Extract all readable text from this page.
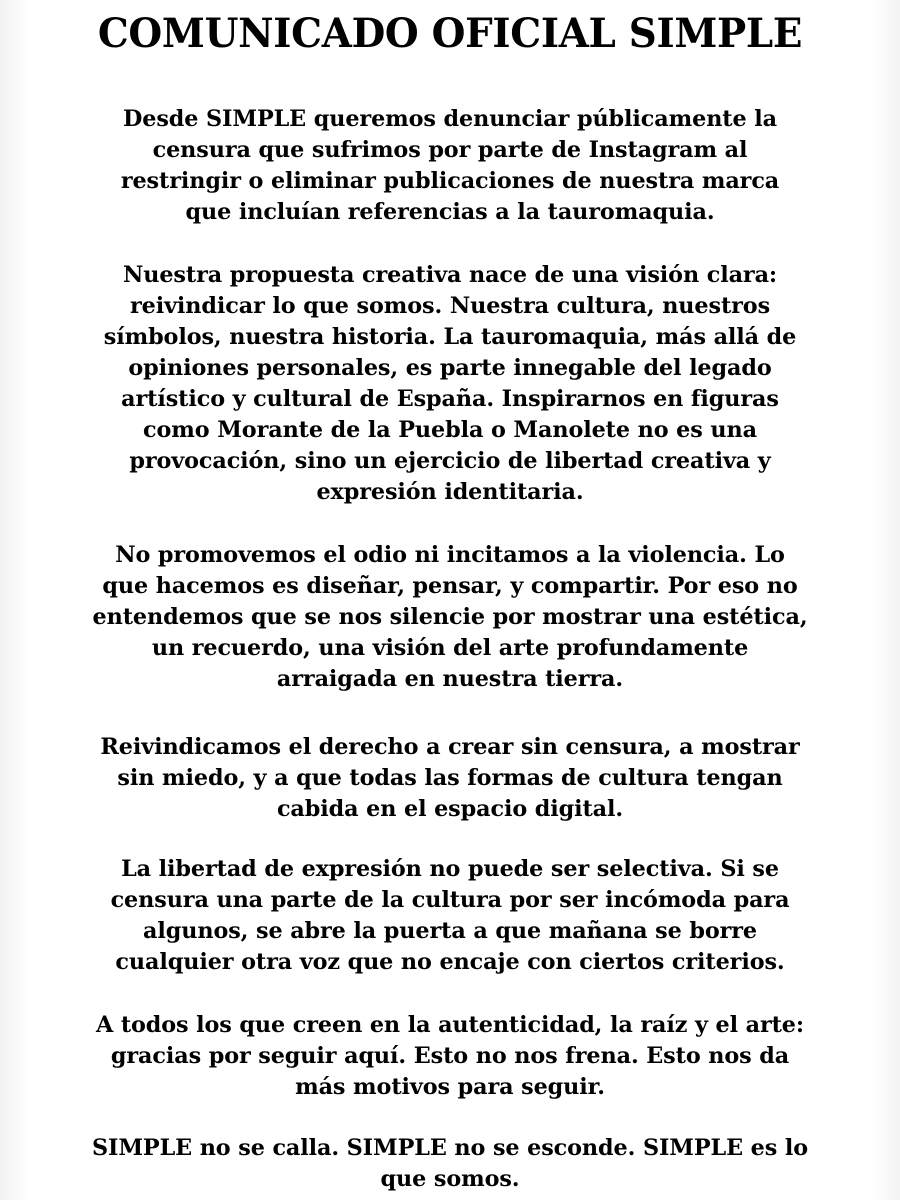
COMUNICADO OFICIAL SIMPLE

Desde SIMPLE queremos denunciar públicamente la
censura que sufrimos por parte de Instagram al
restringir o eliminar publicaciones de nuestra marca
que incluían referencias a la tauromaquia.

Nuestra propuesta creativa nace de una visión clara:
reivindicar lo que somos. Nuestra cultura, nuestros
símbolos, nuestra historia. La tauromaquia, más allá de
opiniones personales, es parte innegable del legado
artístico y cultural de España. Inspirarnos en figuras
como Morante de la Puebla o Manolete no es una
provocación, sino un ejercicio de libertad creativa y
expresión identitaria.

No promovemos el odio ni incitamos a la violencia. Lo
que hacemos es diseñar, pensar, y compartir. Por eso no
entendemos que se nos silencie por mostrar una estética,
un recuerdo, una visión del arte profundamente
arraigada en nuestra tierra.

Reivindicamos el derecho a crear sin censura, a mostrar
sin miedo, y a que todas las formas de cultura tengan
cabida en el espacio digital.

La libertad de expresión no puede ser selectiva. Si se
censura una parte de la cultura por ser incómoda para
algunos, se abre la puerta a que mañana se borre
cualquier otra voz que no encaje con ciertos criterios.

A todos los que creen en la autenticidad, la raíz y el arte:
gracias por seguir aquí. Esto no nos frena. Esto nos da
más motivos para seguir.

SIMPLE no se calla. SIMPLE no se esconde. SIMPLE es lo
que somos.
